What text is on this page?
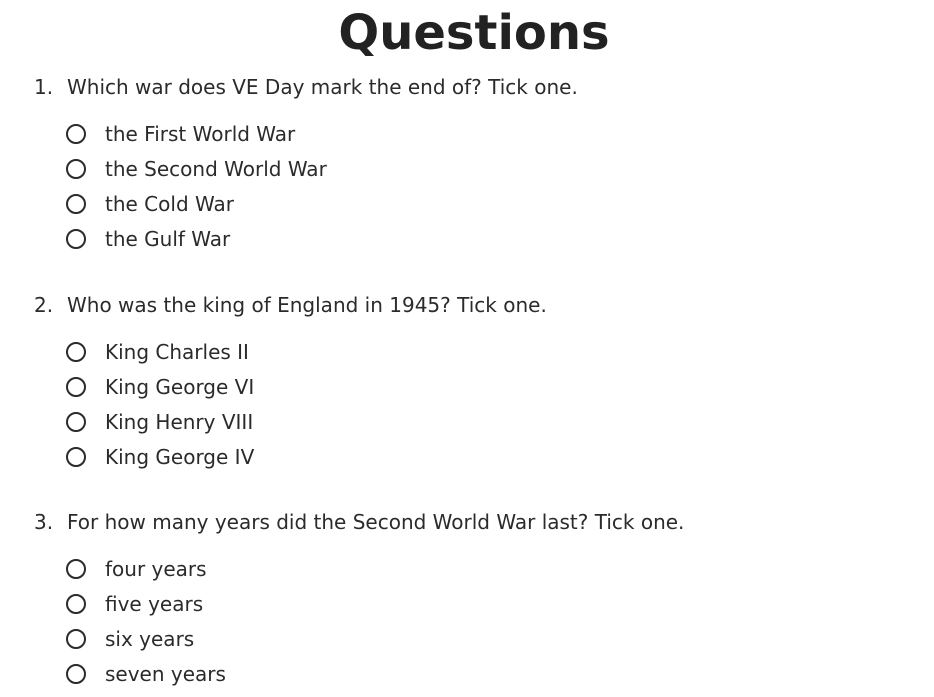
Questions
1. Which war does VE Day mark the end of? Tick one.
the First World War
the Second World War
the Cold War
the Gulf War
2. Who was the king of England in 1945? Tick one.
King Charles II
King George VI
King Henry VIII
King George IV
3. For how many years did the Second World War last? Tick one.
four years
five years
six years
seven years
